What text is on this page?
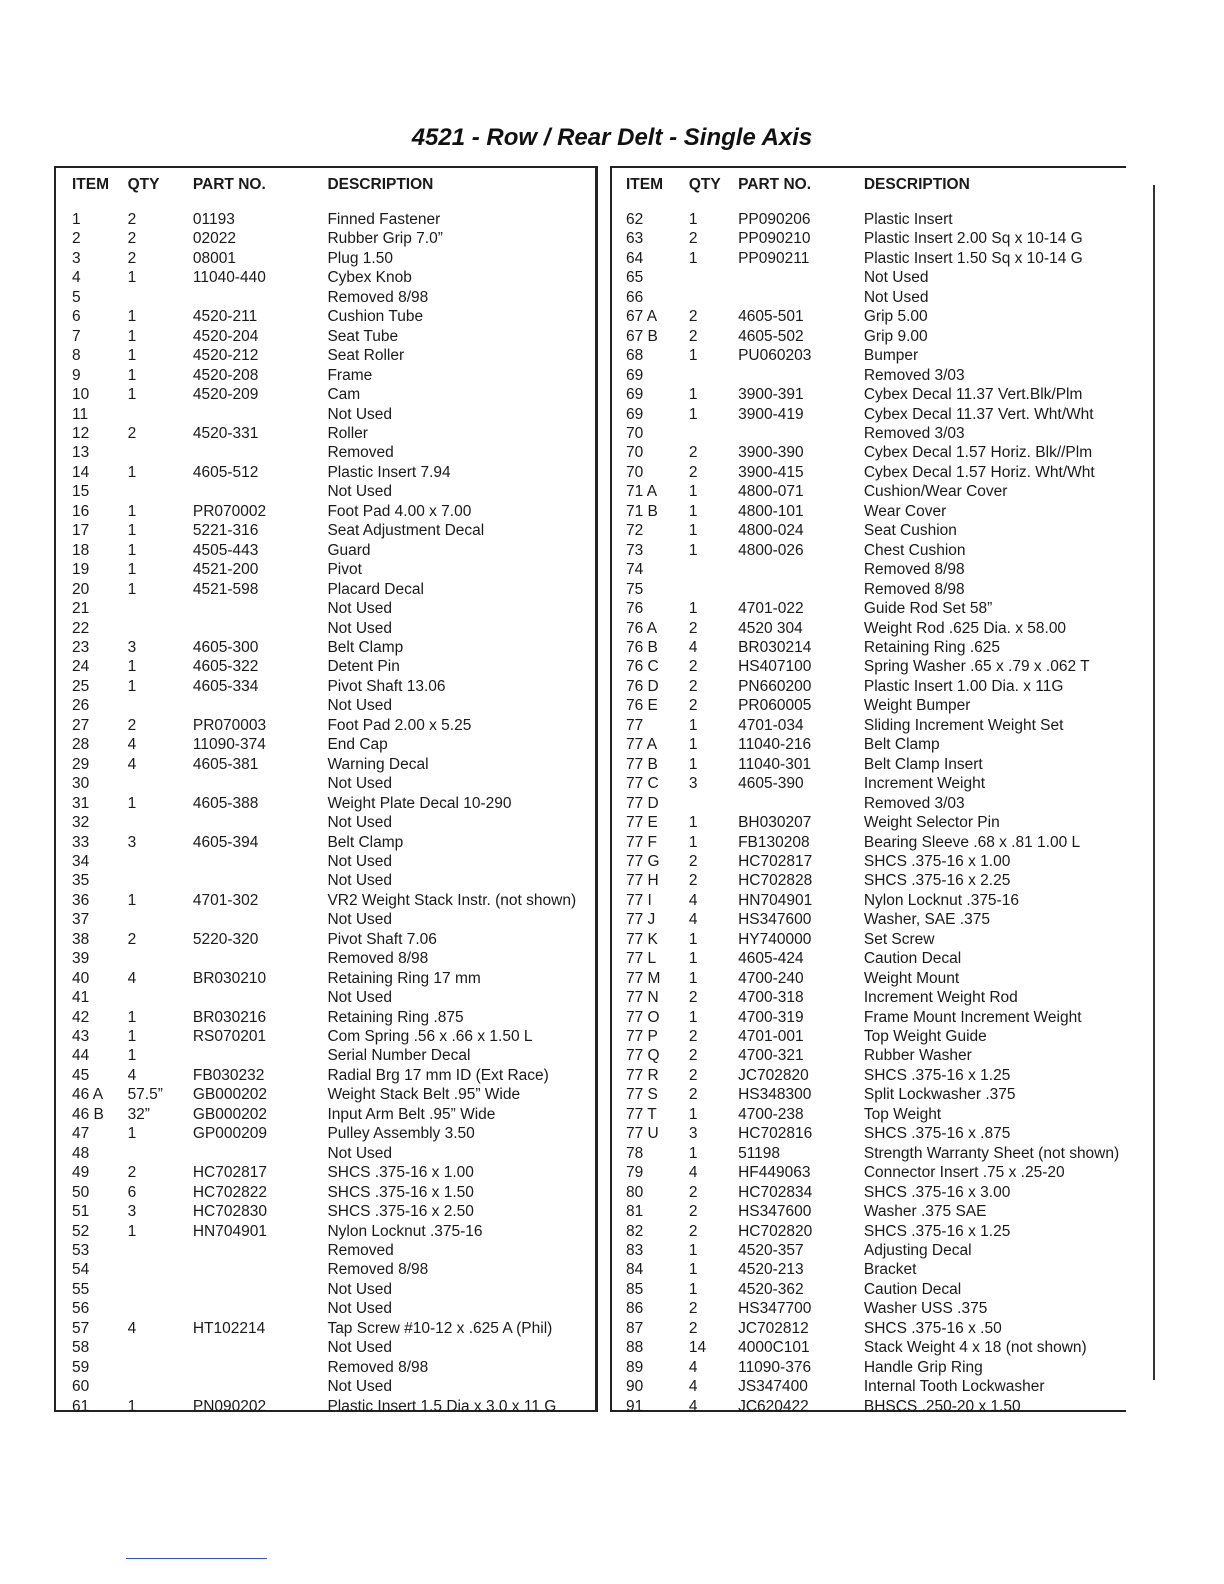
4521 - Row / Rear Delt - Single Axis
ITEM	QTY	PART NO.	DESCRIPTION

1	2	01193	Finned Fastener
2	2	02022	Rubber Grip 7.0”
3	2	08001	Plug 1.50
4	1	11040-440	Cybex Knob
5			Removed 8/98
6	1	4520-211	Cushion Tube
7	1	4520-204	Seat Tube
8	1	4520-212	Seat Roller
9	1	4520-208	Frame
10	1	4520-209	Cam
11			Not Used
12	2	4520-331	Roller
13			Removed
14	1	4605-512	Plastic Insert 7.94
15			Not Used
16	1	PR070002	Foot Pad 4.00 x 7.00
17	1	5221-316	Seat Adjustment Decal
18	1	4505-443	Guard
19	1	4521-200	Pivot
20	1	4521-598	Placard Decal
21			Not Used
22			Not Used
23	3	4605-300	Belt Clamp
24	1	4605-322	Detent Pin
25	1	4605-334	Pivot Shaft 13.06
26			Not Used
27	2	PR070003	Foot Pad 2.00 x 5.25
28	4	11090-374	End Cap
29	4	4605-381	Warning Decal
30			Not Used
31	1	4605-388	Weight Plate Decal 10-290
32			Not Used
33	3	4605-394	Belt Clamp
34			Not Used
35			Not Used
36	1	4701-302	VR2 Weight Stack Instr. (not shown)
37			Not Used
38	2	5220-320	Pivot Shaft 7.06
39			Removed 8/98
40	4	BR030210	Retaining Ring 17 mm
41			Not Used
42	1	BR030216	Retaining Ring .875
43	1	RS070201	Com Spring .56 x .66 x 1.50 L
44	1		Serial Number Decal
45	4	FB030232	Radial Brg 17 mm ID (Ext Race)
46 A	57.5”	GB000202	Weight Stack Belt .95” Wide
46 B	32”	GB000202	Input Arm Belt .95” Wide
47	1	GP000209	Pulley Assembly 3.50
48			Not Used
49	2	HC702817	SHCS .375-16 x 1.00
50	6	HC702822	SHCS .375-16 x 1.50
51	3	HC702830	SHCS .375-16 x 2.50
52	1	HN704901	Nylon Locknut .375-16
53			Removed
54			Removed 8/98
55			Not Used
56			Not Used
57	4	HT102214	Tap Screw #10-12 x .625 A (Phil)
58			Not Used
59			Removed 8/98
60			Not Used
61	1	PN090202	Plastic Insert 1.5 Dia x 3.0 x 11 G
ITEM	QTY	PART NO.	DESCRIPTION

62	1	PP090206	Plastic Insert
63	2	PP090210	Plastic Insert 2.00 Sq x 10-14 G
64	1	PP090211	Plastic Insert 1.50 Sq x 10-14 G
65			Not Used
66			Not Used
67 A	2	4605-501	Grip 5.00
67 B	2	4605-502	Grip 9.00
68	1	PU060203	Bumper
69			Removed 3/03
69	1	3900-391	Cybex Decal 11.37 Vert.Blk/Plm
69	1	3900-419	Cybex Decal 11.37 Vert. Wht/Wht
70			Removed 3/03
70	2	3900-390	Cybex Decal 1.57 Horiz. Blk//Plm
70	2	3900-415	Cybex Decal 1.57 Horiz. Wht/Wht
71 A	1	4800-071	Cushion/Wear Cover
71 B	1	4800-101	Wear Cover
72	1	4800-024	Seat Cushion
73	1	4800-026	Chest Cushion
74			Removed 8/98
75			Removed 8/98
76	1	4701-022	Guide Rod Set 58”
76 A	2	4520 304	Weight Rod .625 Dia. x 58.00
76 B	4	BR030214	Retaining Ring .625
76 C	2	HS407100	Spring Washer .65 x .79 x .062 T
76 D	2	PN660200	Plastic Insert 1.00 Dia. x 11G
76 E	2	PR060005	Weight Bumper
77	1	4701-034	Sliding Increment Weight Set
77 A	1	11040-216	Belt Clamp
77 B	1	11040-301	Belt Clamp Insert
77 C	3	4605-390	Increment Weight
77 D			Removed 3/03
77 E	1	BH030207	Weight Selector Pin
77 F	1	FB130208	Bearing Sleeve .68 x .81 1.00 L
77 G	2	HC702817	SHCS .375-16 x 1.00
77 H	2	HC702828	SHCS .375-16 x 2.25
77 I	4	HN704901	Nylon Locknut .375-16
77 J	4	HS347600	Washer, SAE .375
77 K	1	HY740000	Set Screw
77 L	1	4605-424	Caution Decal
77 M	1	4700-240	Weight Mount
77 N	2	4700-318	Increment Weight Rod
77 O	1	4700-319	Frame Mount Increment Weight
77 P	2	4701-001	Top Weight Guide
77 Q	2	4700-321	Rubber Washer
77 R	2	JC702820	SHCS .375-16 x 1.25
77 S	2	HS348300	Split Lockwasher .375
77 T	1	4700-238	Top Weight
77 U	3	HC702816	SHCS .375-16 x .875
78	1	51198	Strength Warranty Sheet (not shown)
79	4	HF449063	Connector Insert .75 x .25-20
80	2	HC702834	SHCS .375-16 x 3.00
81	2	HS347600	Washer .375 SAE
82	2	HC702820	SHCS .375-16 x 1.25
83	1	4520-357	Adjusting Decal
84	1	4520-213	Bracket
85	1	4520-362	Caution Decal
86	2	HS347700	Washer USS .375
87	2	JC702812	SHCS .375-16 x .50
88	14	4000C101	Stack Weight 4 x 18 (not shown)
89	4	11090-376	Handle Grip Ring
90	4	JS347400	Internal Tooth Lockwasher
91	4	JC620422	BHSCS .250-20 x 1.50
